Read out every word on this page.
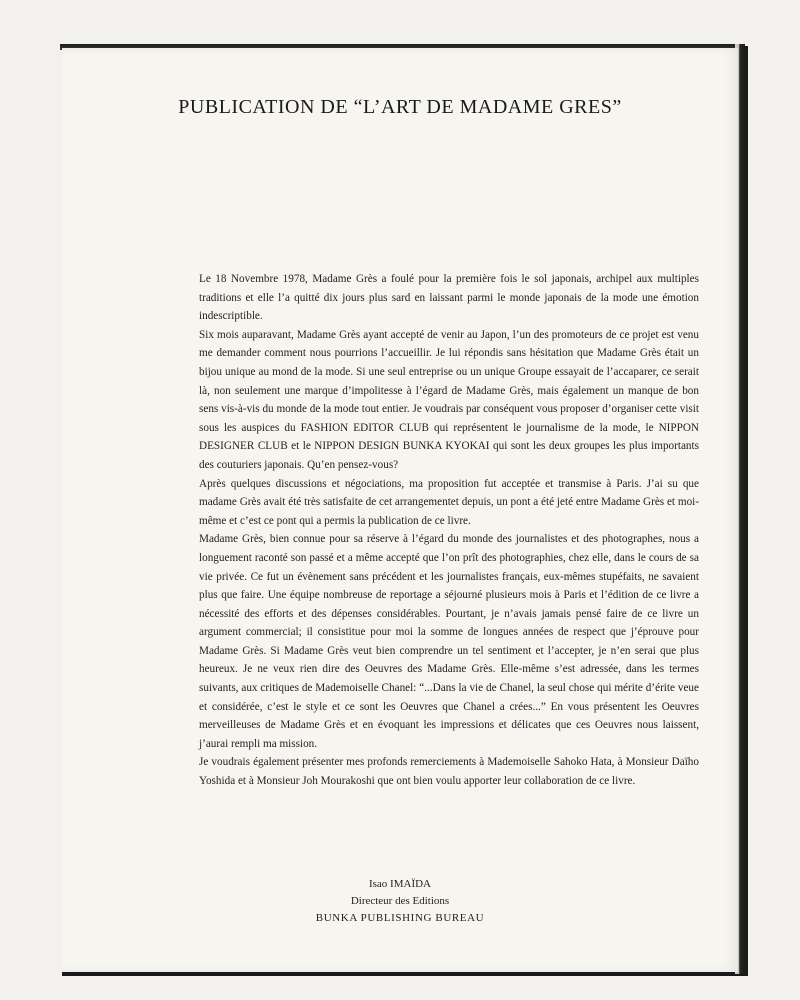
PUBLICATION DE “L’ART DE MADAME GRES”

Le 18 Novembre 1978, Madame Grès a foulé pour la première fois le sol japonais, archipel aux multiples traditions et elle l’a quitté dix jours plus sard en laissant parmi le monde japonais de la mode une émotion indescriptible.

Six mois auparavant, Madame Grès ayant accepté de venir au Japon, l’un des promoteurs de ce projet est venu me demander comment nous pourrions l’accueillir. Je lui répondis sans hésitation que Madame Grès était un bijou unique au mond de la mode. Si une seul entreprise ou un unique Groupe essayait de l’accaparer, ce serait là, non seulement une marque d’impolitesse à l’égard de Madame Grès, mais également un manque de bon sens vis-à-vis du monde de la mode tout entier. Je voudrais par conséquent vous proposer d’organiser cette visit sous les auspices du FASHION EDITOR CLUB qui représentent le journalisme de la mode, le NIPPON DESIGNER CLUB et le NIPPON DESIGN BUNKA KYOKAI qui sont les deux groupes les plus importants des couturiers japonais. Qu’en pensez-vous?

Après quelques discussions et négociations, ma proposition fut acceptée et transmise à Paris. J’ai su que madame Grès avait été très satisfaite de cet arrangementet depuis, un pont a été jeté entre Madame Grès et moi-même et c’est ce pont qui a permis la publication de ce livre.

Madame Grès, bien connue pour sa réserve à l’égard du monde des journalistes et des photographes, nous a longuement raconté son passé et a même accepté que l’on prît des photographies, chez elle, dans le cours de sa vie privée. Ce fut un évènement sans précédent et les journalistes français, eux-mêmes stupéfaits, ne savaient plus que faire. Une équipe nombreuse de reportage a séjourné plusieurs mois à Paris et l’édition de ce livre a nécessité des efforts et des dépenses considérables. Pourtant, je n’avais jamais pensé faire de ce livre un argument commercial; il consistitue pour moi la somme de longues années de respect que j’éprouve pour Madame Grès. Si Madame Grès veut bien comprendre un tel sentiment et l’accepter, je n’en serai que plus heureux. Je ne veux rien dire des Oeuvres des Madame Grès. Elle-même s’est adressée, dans les termes suivants, aux critiques de Mademoiselle Chanel: “...Dans la vie de Chanel, la seul chose qui mérite d’érite veue et considérée, c’est le style et ce sont les Oeuvres que Chanel a crées...” En vous présentent les Oeuvres merveilleuses de Madame Grès et en évoquant les impressions et délicates que ces Oeuvres nous laissent, j’aurai rempli ma mission.

Je voudrais également présenter mes profonds remerciements à Mademoiselle Sahoko Hata, à Monsieur Daïho Yoshida et à Monsieur Joh Mourakoshi que ont bien voulu apporter leur collaboration de ce livre.

Isao IMAÏDA
Directeur des Editions
BUNKA PUBLISHING BUREAU
